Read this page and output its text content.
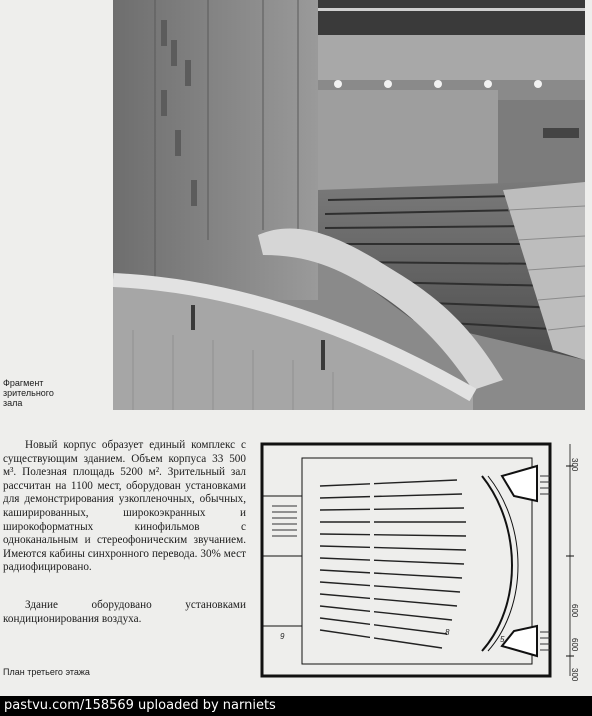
Фрагмент
зрительного
зала

Новый корпус образует единый комплекс с существующим зданием. Объем корпуса 33 500 м³. Полезная площадь 5200 м². Зрительный зал рассчитан на 1100 мест, оборудован установками для демонстрирования узкопленочных, обычных, каширированных, широкоэкранных и широкоформатных кинофильмов с одноканальным и стереофоническим звучанием. Имеются кабины синхронного перевода. 30% мест радиофицировано.

Здание оборудовано установками кондиционирования воздуха.

300
600
600
300
9	8
5
План третьего этажа
pastvu.com/158569 uploaded by narniets
